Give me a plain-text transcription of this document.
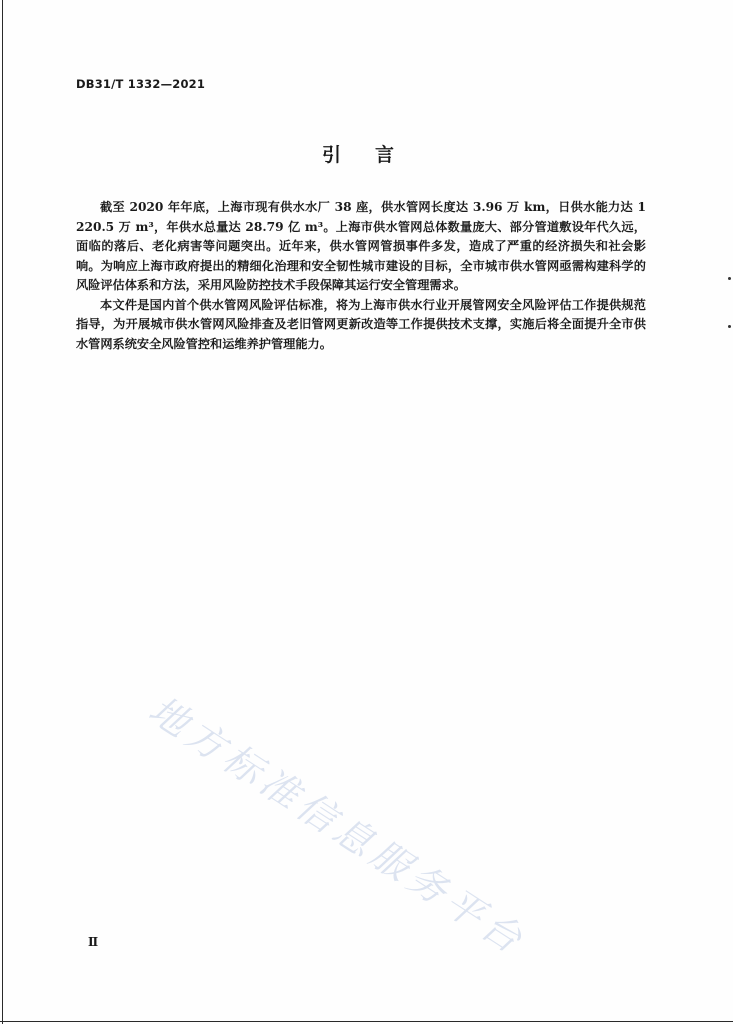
DB31/T 1332—2021
引言

截至 2020 年年底，上海市现有供水水厂 38 座，供水管网长度达 3.96 万 km，日供水能力达 1 220.5 万 m³，年供水总量达 28.79 亿 m³。上海市供水管网总体数量庞大、部分管道敷设年代久远，面临的落后、老化病害等问题突出。近年来，供水管网管损事件多发，造成了严重的经济损失和社会影响。为响应上海市政府提出的精细化治理和安全韧性城市建设的目标，全市城市供水管网亟需构建科学的风险评估体系和方法，采用风险防控技术手段保障其运行安全管理需求。

本文件是国内首个供水管网风险评估标准，将为上海市供水行业开展管网安全风险评估工作提供规范指导，为开展城市供水管网风险排查及老旧管网更新改造等工作提供技术支撑，实施后将全面提升全市供水管网系统安全风险管控和运维养护管理能力。

地方标准信息服务平台
Ⅱ
